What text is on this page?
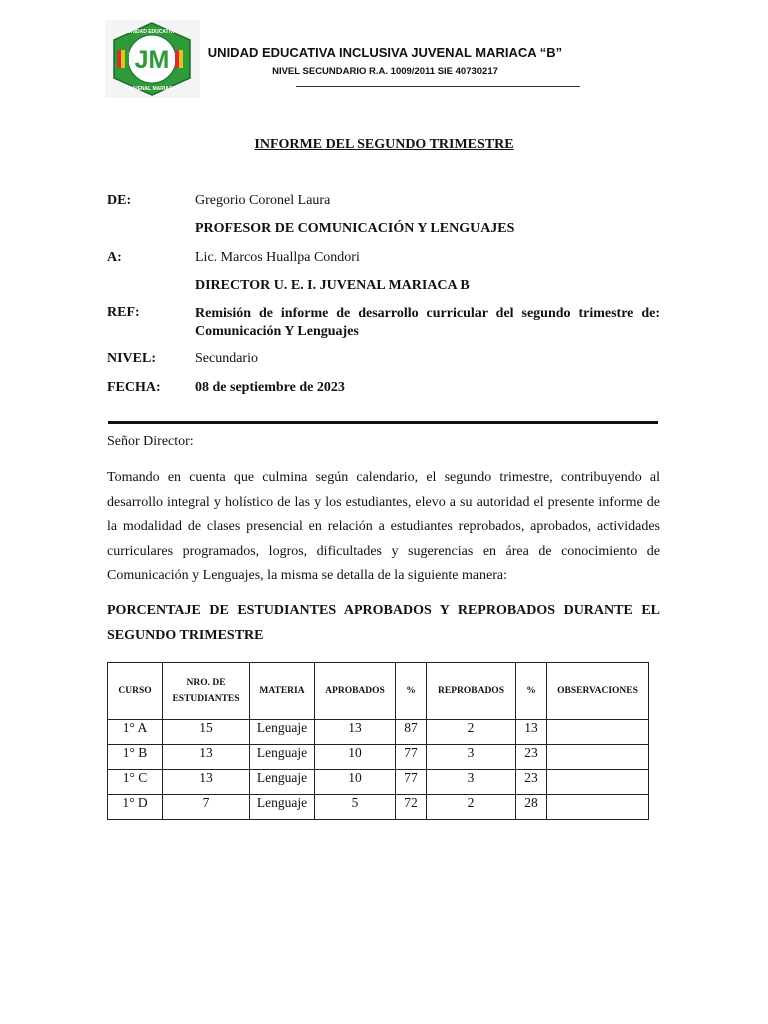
JM
UNIDAD EDUCATIVA
JUVENAL MARIACA
UNIDAD EDUCATIVA INCLUSIVA JUVENAL MARIACA “B”
NIVEL SECUNDARIO R.A. 1009/2011 SIE 40730217
INFORME DEL SEGUNDO TRIMESTRE
DE:	Gregorio Coronel Laura
PROFESOR DE COMUNICACIÓN Y LENGUAJES
A:	Lic. Marcos Huallpa Condori
DIRECTOR U. E. I. JUVENAL MARIACA B
REF:	Remisión de informe de desarrollo curricular del segundo trimestre de: Comunicación Y Lenguajes
NIVEL:	Secundario
FECHA: 08 de septiembre de 2023
Señor Director:
Tomando en cuenta que culmina según calendario, el segundo trimestre, contribuyendo al desarrollo integral y holístico de las y los estudiantes, elevo a su autoridad el presente informe de la modalidad de clases presencial en relación a estudiantes reprobados, aprobados, actividades curriculares programados, logros, dificultades y sugerencias en área de conocimiento de Comunicación y Lenguajes, la misma se detalla de la siguiente manera:
PORCENTAJE DE ESTUDIANTES APROBADOS Y REPROBADOS DURANTE EL SEGUNDO TRIMESTRE
CURSO	NRO. DE ESTUDIANTES	MATERIA	APROBADOS	%	REPROBADOS	%	OBSERVACIONES
1° A	15	Lenguaje	13	87	2	13	
1° B	13	Lenguaje	10	77	3	23	
1° C	13	Lenguaje	10	77	3	23	
1° D	7	Lenguaje	5	72	2	28	
